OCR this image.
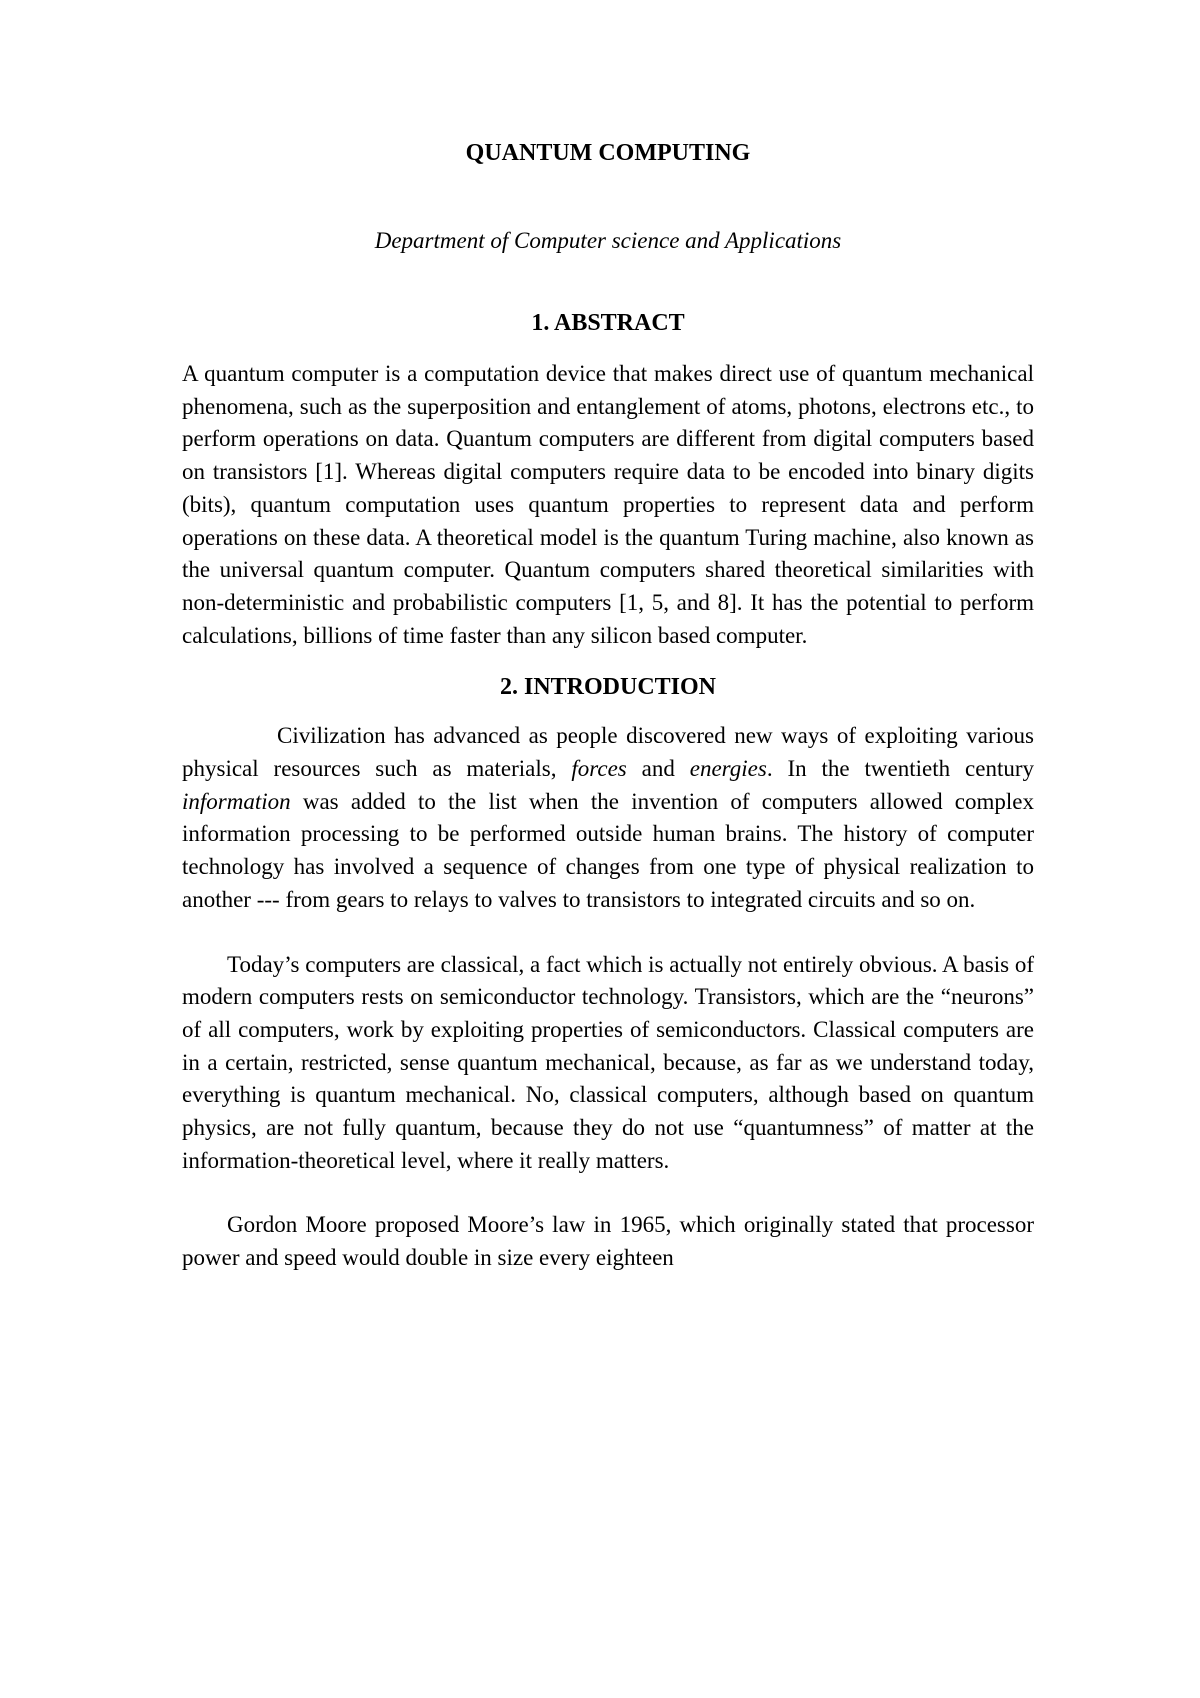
QUANTUM COMPUTING

Department of Computer science and Applications

1. ABSTRACT

A quantum computer is a computation device that makes direct use of quantum mechanical phenomena, such as the superposition and entanglement of atoms, photons, electrons etc., to perform operations on data. Quantum computers are different from digital computers based on transistors [1]. Whereas digital computers require data to be encoded into binary digits (bits), quantum computation uses quantum properties to represent data and perform operations on these data. A theoretical model is the quantum Turing machine, also known as the universal quantum computer. Quantum computers shared theoretical similarities with non-deterministic and probabilistic computers [1, 5, and 8]. It has the potential to perform calculations, billions of time faster than any silicon based computer.

2. INTRODUCTION

Civilization has advanced as people discovered new ways of exploiting various physical resources such as materials, forces and energies. In the twentieth century information was added to the list when the invention of computers allowed complex information processing to be performed outside human brains. The history of computer technology has involved a sequence of changes from one type of physical realization to another --- from gears to relays to valves to transistors to integrated circuits and so on.

Today’s computers are classical, a fact which is actually not entirely obvious. A basis of modern computers rests on semiconductor technology. Transistors, which are the “neurons” of all computers, work by exploiting properties of semiconductors. Classical computers are in a certain, restricted, sense quantum mechanical, because, as far as we understand today, everything is quantum mechanical. No, classical computers, although based on quantum physics, are not fully quantum, because they do not use “quantumness” of matter at the information-theoretical level, where it really matters.

Gordon Moore proposed Moore’s law in 1965, which originally stated that processor power and speed would double in size every eighteen
